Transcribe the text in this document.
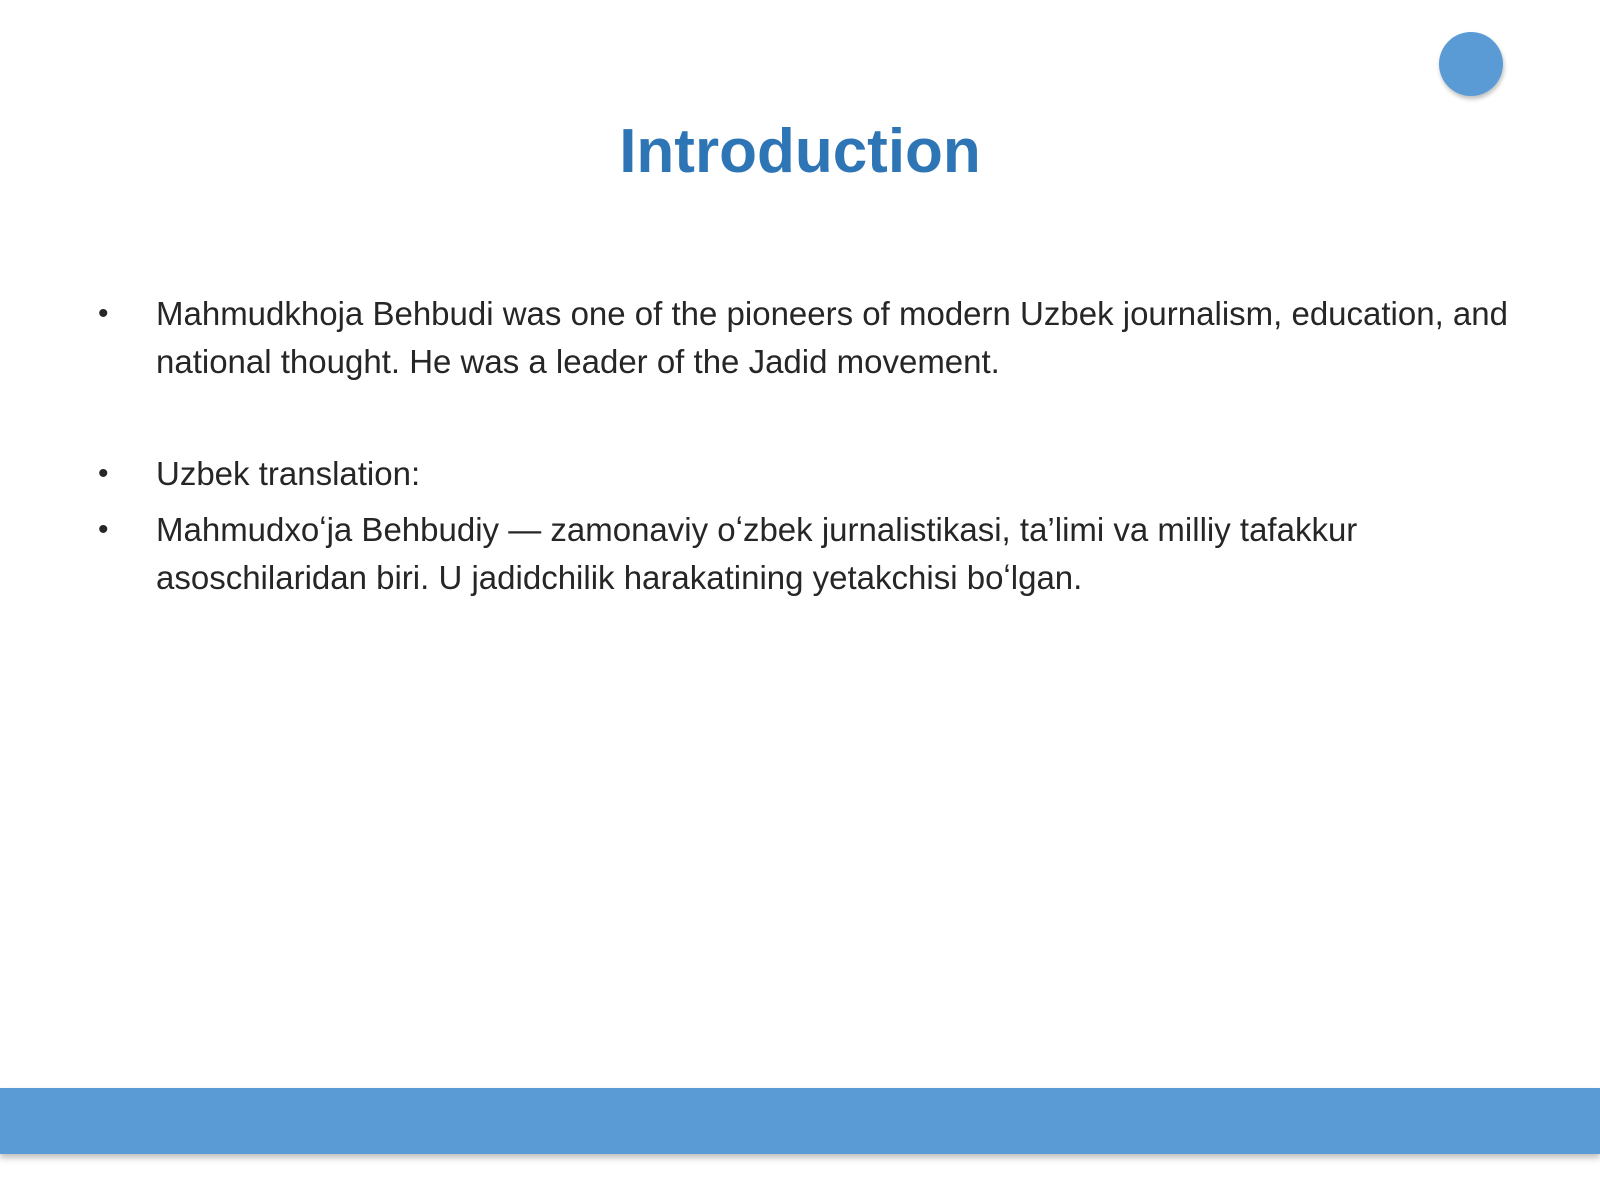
Introduction
• Mahmudkhoja Behbudi was one of the pioneers of modern Uzbek journalism, education, and national thought. He was a leader of the Jadid movement.
• Uzbek translation:
• Mahmudxoʻja Behbudiy — zamonaviy oʻzbek jurnalistikasi, ta’limi va milliy tafakkur asoschilaridan biri. U jadidchilik harakatining yetakchisi boʻlgan.
